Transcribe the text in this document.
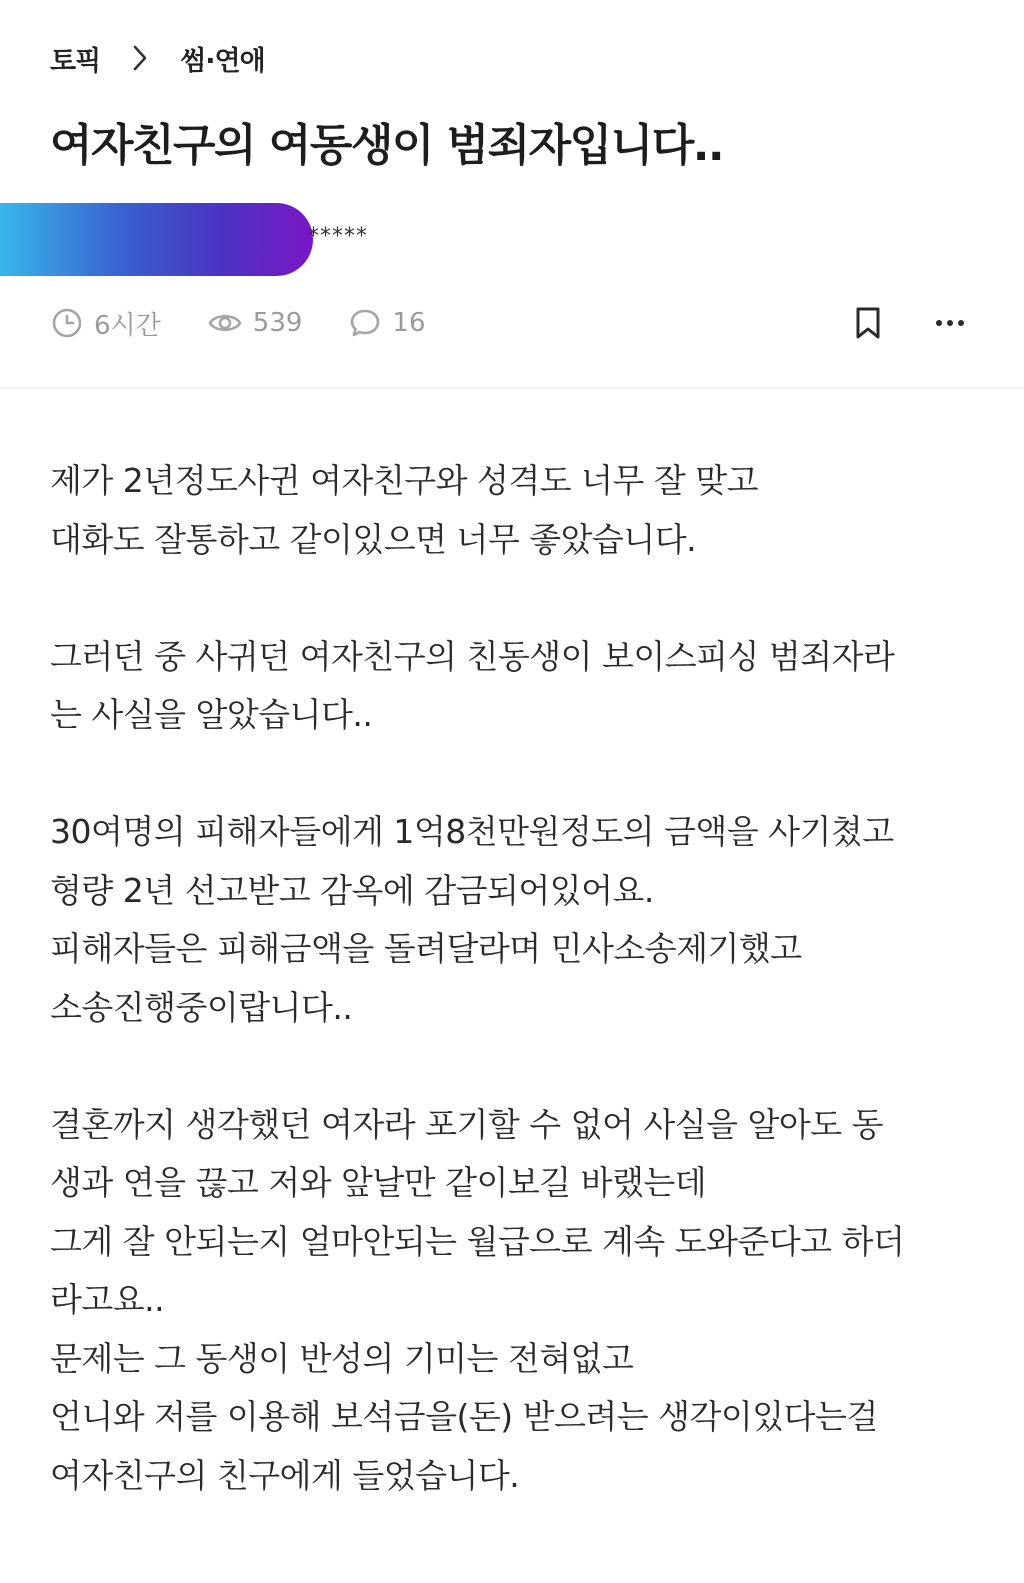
토픽	썸·연애
여자친구의 여동생이 범죄자입니다..
*****
6시간	539	16
제가 2년정도사귄 여자친구와 성격도 너무 잘 맞고
대화도 잘통하고 같이있으면 너무 좋았습니다.
그러던 중 사귀던 여자친구의 친동생이 보이스피싱 범죄자라
는 사실을 알았습니다..
30여명의 피해자들에게 1억8천만원정도의 금액을 사기쳤고
형량 2년 선고받고 감옥에 감금되어있어요.
피해자들은 피해금액을 돌려달라며 민사소송제기했고
소송진행중이랍니다..
결혼까지 생각했던 여자라 포기할 수 없어 사실을 알아도 동
생과 연을 끊고 저와 앞날만 같이보길 바랬는데
그게 잘 안되는지 얼마안되는 월급으로 계속 도와준다고 하더
라고요..
문제는 그 동생이 반성의 기미는 전혀없고
언니와 저를 이용해 보석금을(돈) 받으려는 생각이있다는걸
여자친구의 친구에게 들었습니다.
